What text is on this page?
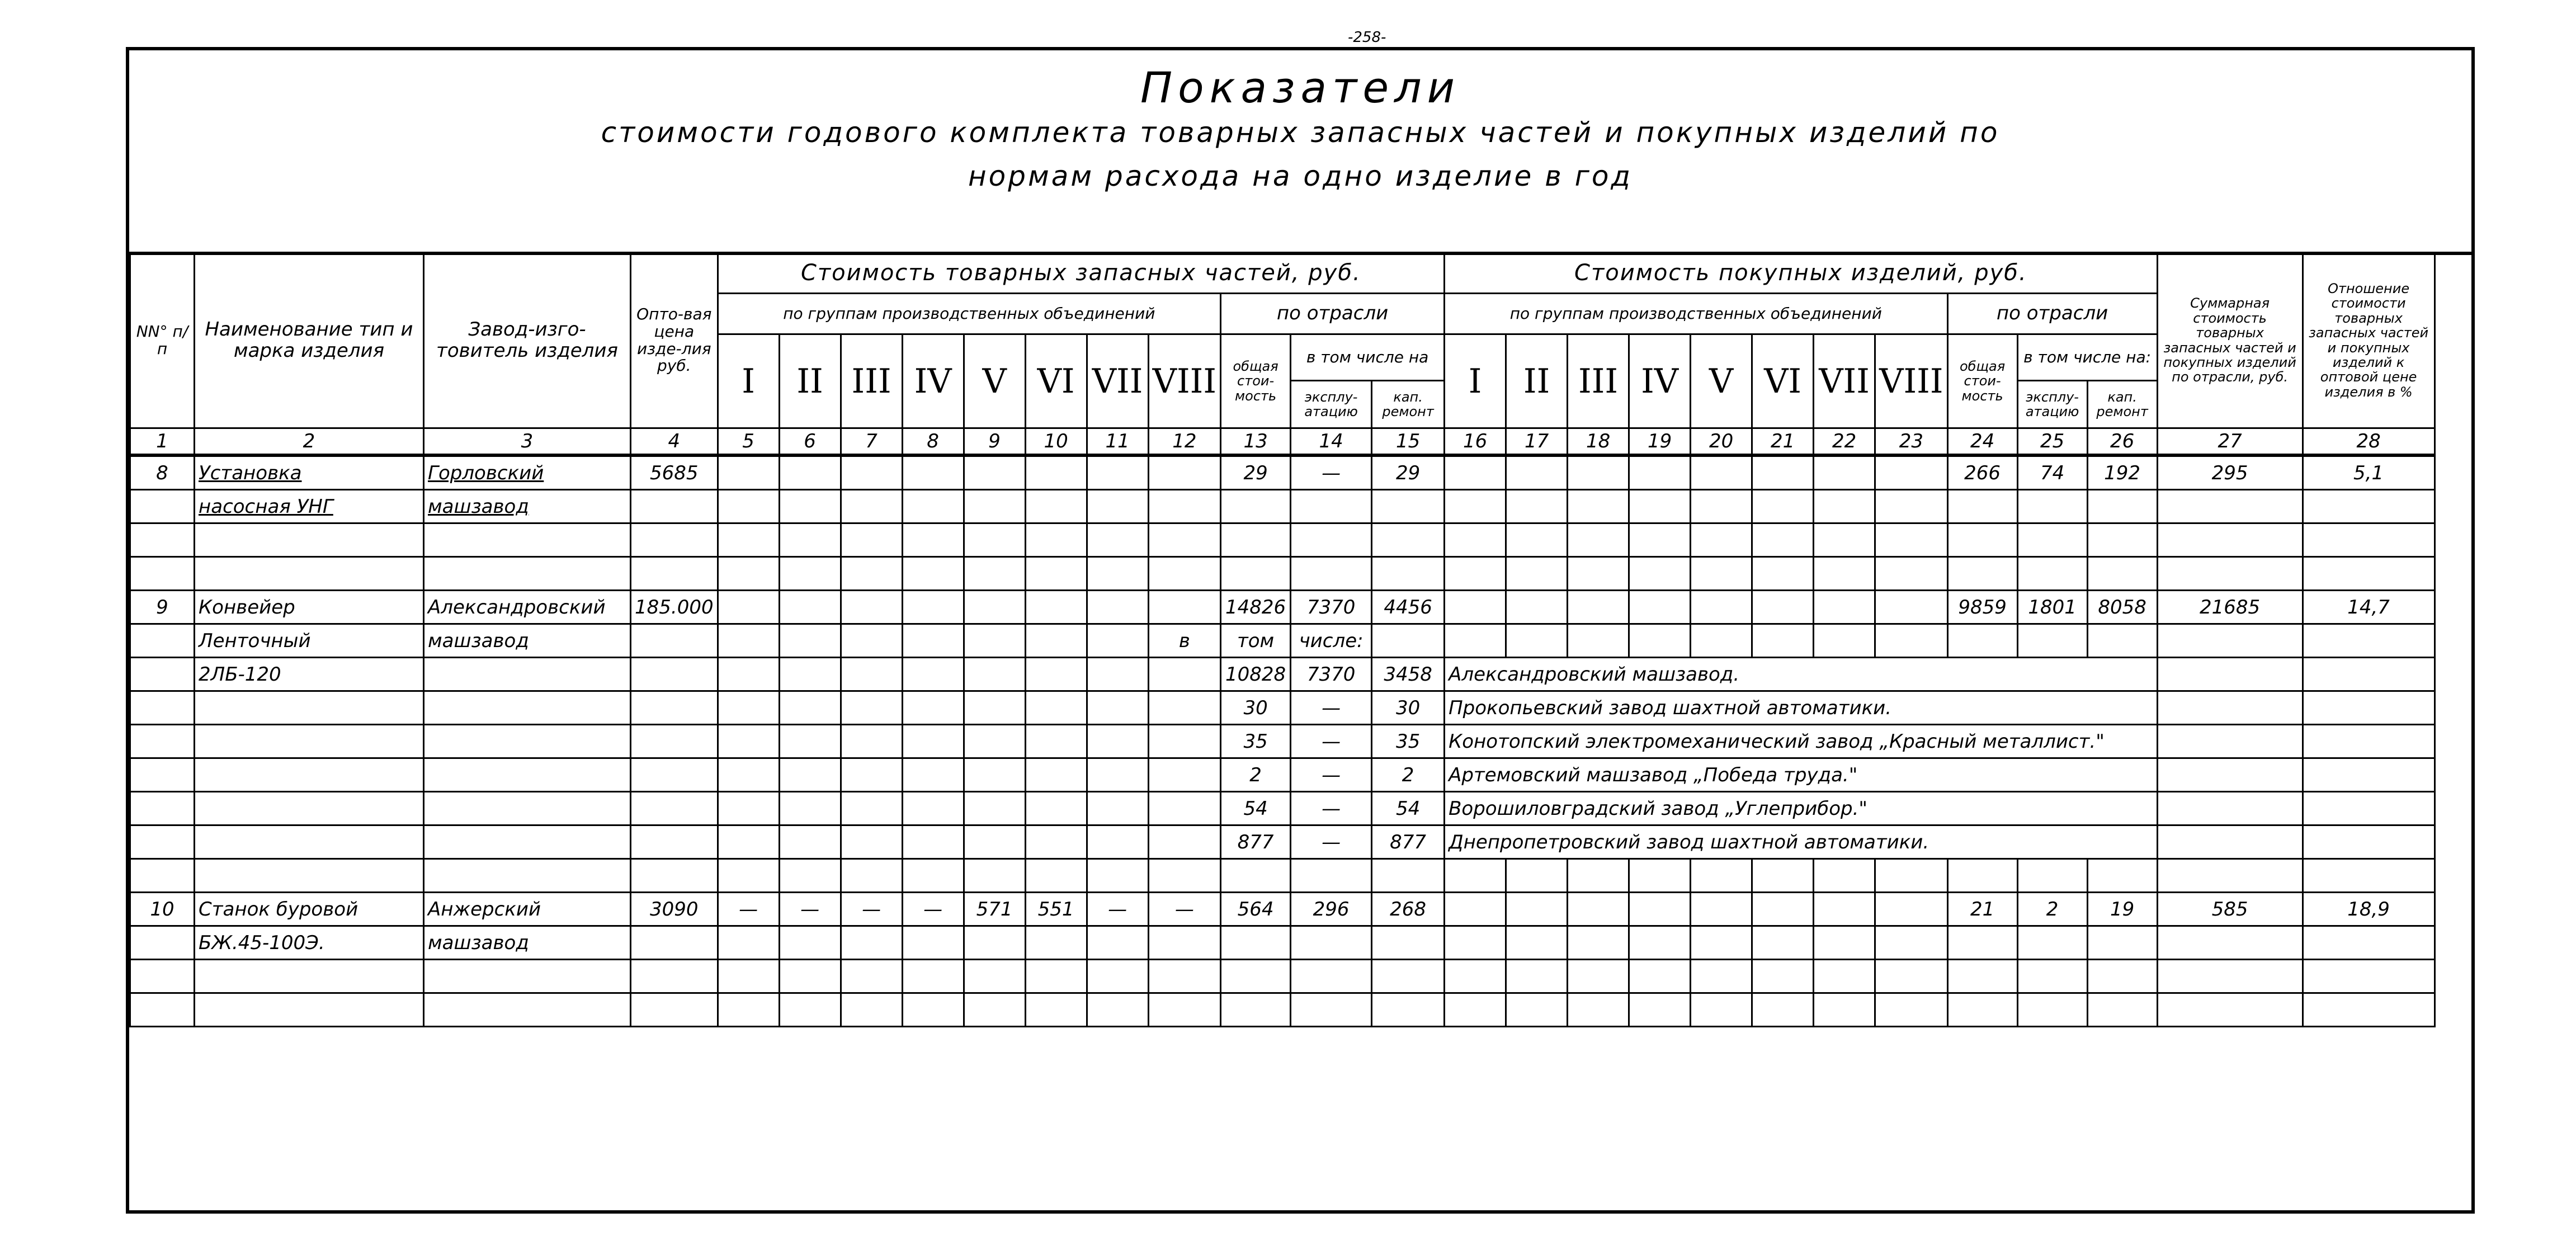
-258-
Показатели
стоимости годового комплекта товарных запасных частей и покупных изделий по
нормам расхода на одно изделие в год
NN° п/п	Наименование тип и марка изделия	Завод-изго-товитель изделия	Опто-вая цена изде-лия руб.	Стоимость товарных запасных частей, руб.											Стоимость покупных изделий, руб.											Суммарная стоимость товарных запасных частей и покупных изделий по отрасли, руб.	Отношение стоимости товарных запасных частей и покупных изделий к оптовой цене изделия в %
				по группам производственных объединений								по отрасли			по группам производственных объединений								по отрасли				
				I	II	III	IV	V	VI	VII	VIII	общая стои-мость	в том числе на		I	II	III	IV	V	VI	VII	VIII	общая стои-мость	в том числе на:			
													эксплу-атацию	кап. ремонт										эксплу-атацию	кап. ремонт		
1	2	3	4	5	6	7	8	9	10	11	12	13	14	15	16	17	18	19	20	21	22	23	24	25	26	27	28
8	Установка	Горловский	5685									29	—	29									266	74	192	295	5,1
	насосная УНГ	машзавод																									

9	Конвейер	Александровский	185.000									14826	7370	4456									9859	1801	8058	21685	14,7
	Ленточный	машзавод									в	том	числе:														
	2ЛБ-120											10828	7370	3458	Александровский машзавод.												
												30	—	30	Прокопьевский завод шахтной автоматики.												
												35	—	35	Конотопский электромеханический завод „Красный металлист."												
												2	—	2	Артемовский машзавод „Победа труда."												
												54	—	54	Ворошиловградский завод „Углеприбор."												
												877	—	877	Днепропетровский завод шахтной автоматики.												

10	Станок буровой	Анжерский	3090	—	—	—	—	571	551	—	—	564	296	268									21	2	19	585	18,9
	БЖ.45-100Э.	машзавод																									
